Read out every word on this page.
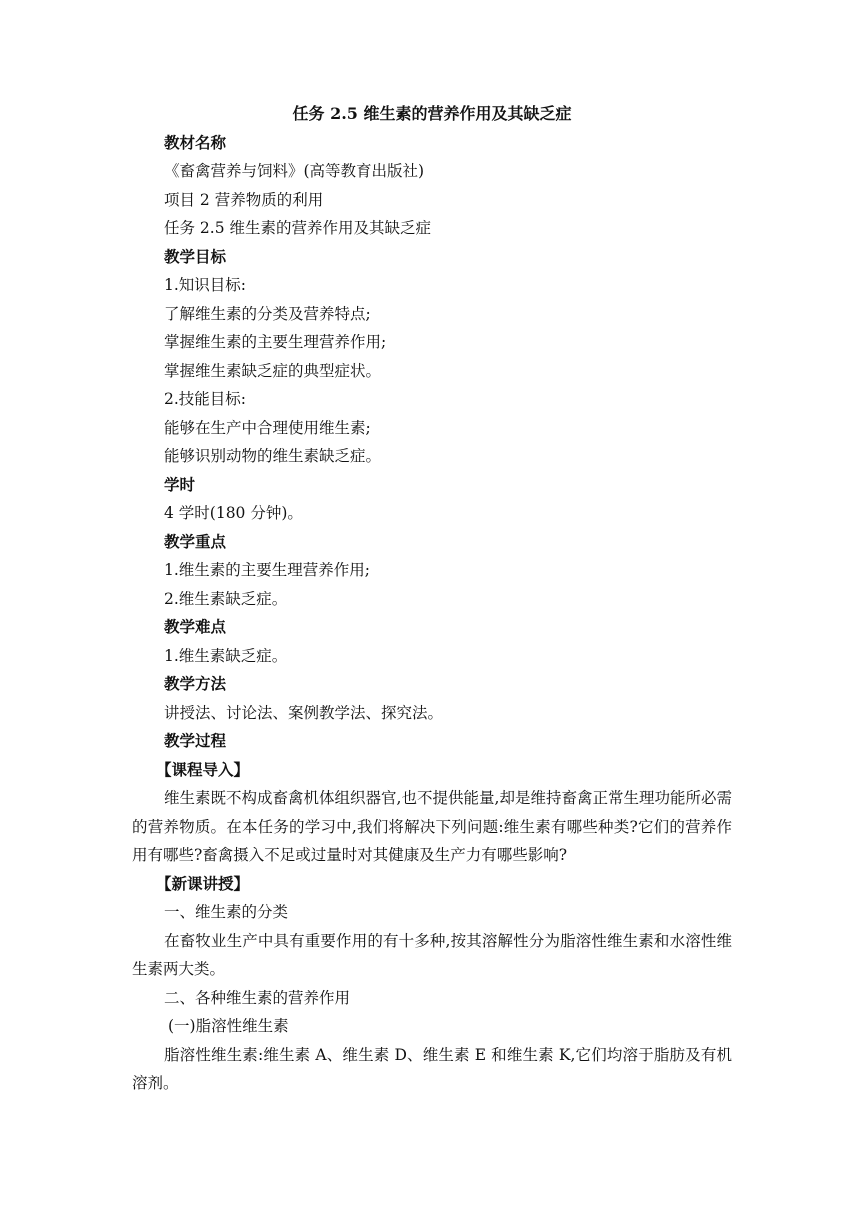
任务 2.5 维生素的营养作用及其缺乏症

教材名称

《畜禽营养与饲料》(高等教育出版社)

项目 2 营养物质的利用

任务 2.5 维生素的营养作用及其缺乏症

教学目标

1.知识目标:

了解维生素的分类及营养特点;

掌握维生素的主要生理营养作用;

掌握维生素缺乏症的典型症状。

2.技能目标:

能够在生产中合理使用维生素;

能够识别动物的维生素缺乏症。

学时

4 学时(180 分钟)。

教学重点

1.维生素的主要生理营养作用;

2.维生素缺乏症。

教学难点

1.维生素缺乏症。

教学方法

讲授法、讨论法、案例教学法、探究法。

教学过程

【课程导入】

维生素既不构成畜禽机体组织器官,也不提供能量,却是维持畜禽正常生理功能所必需的营养物质。在本任务的学习中,我们将解决下列问题:维生素有哪些种类?它们的营养作用有哪些?畜禽摄入不足或过量时对其健康及生产力有哪些影响?

【新课讲授】

一、维生素的分类

在畜牧业生产中具有重要作用的有十多种,按其溶解性分为脂溶性维生素和水溶性维生素两大类。

二、各种维生素的营养作用

(一)脂溶性维生素

脂溶性维生素:维生素 A、维生素 D、维生素 E 和维生素 K,它们均溶于脂肪及有机溶剂。
